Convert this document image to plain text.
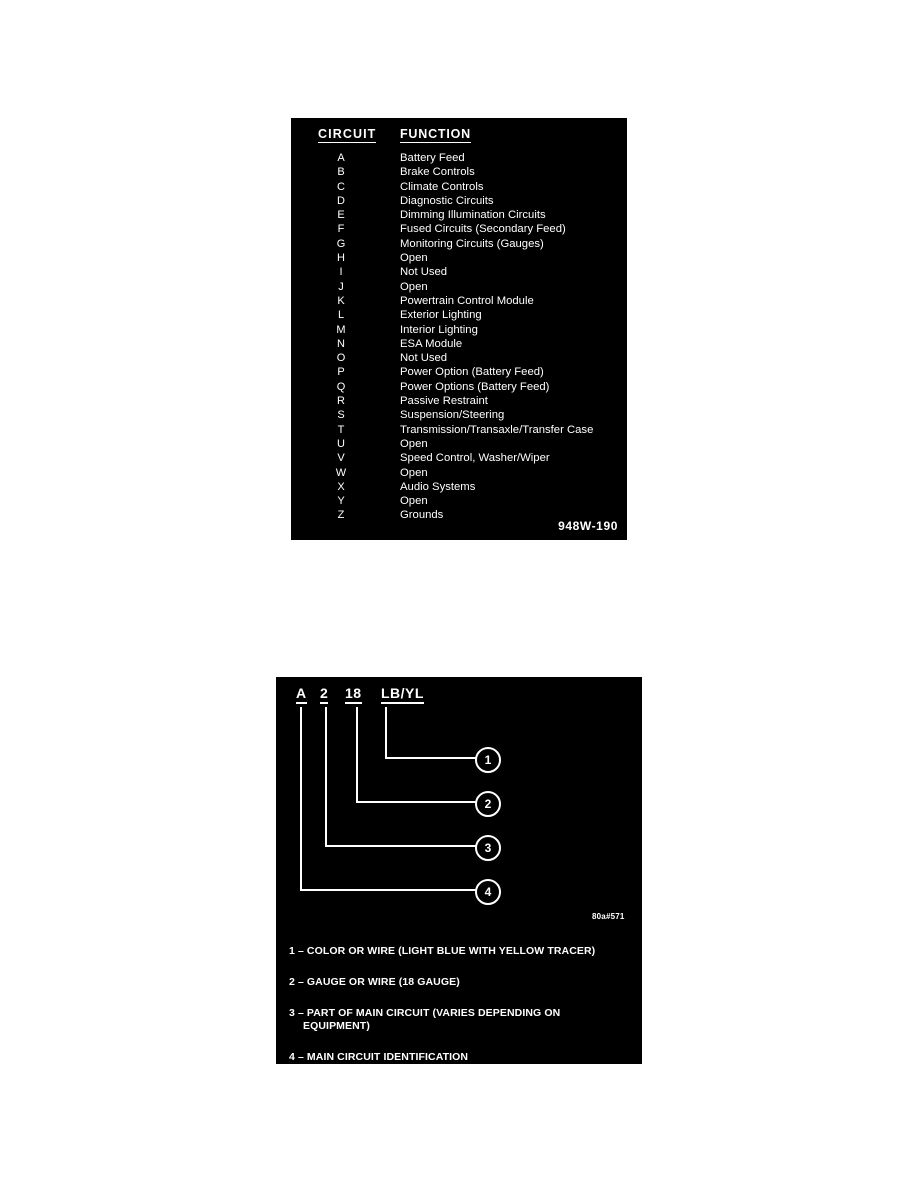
CIRCUIT FUNCTION
A	Battery Feed
B	Brake Controls
C	Climate Controls
D	Diagnostic Circuits
E	Dimming Illumination Circuits
F	Fused Circuits (Secondary Feed)
G	Monitoring Circuits (Gauges)
H	Open
I	Not Used
J	Open
K	Powertrain Control Module
L	Exterior Lighting
M	Interior Lighting
N	ESA Module
O	Not Used
P	Power Option (Battery Feed)
Q	Power Options (Battery Feed)
R	Passive Restraint
S	Suspension/Steering
T	Transmission/Transaxle/Transfer Case
U	Open
V	Speed Control, Washer/Wiper
W	Open
X	Audio Systems
Y	Open
Z	Grounds
948W-190
A 2 18 LB/YL
1
2
3
4
80a#571
1 – COLOR OR WIRE (LIGHT BLUE WITH YELLOW TRACER)
2 – GAUGE OR WIRE (18 GAUGE)
3 – PART OF MAIN CIRCUIT (VARIES DEPENDING ON
EQUIPMENT)
4 – MAIN CIRCUIT IDENTIFICATION
